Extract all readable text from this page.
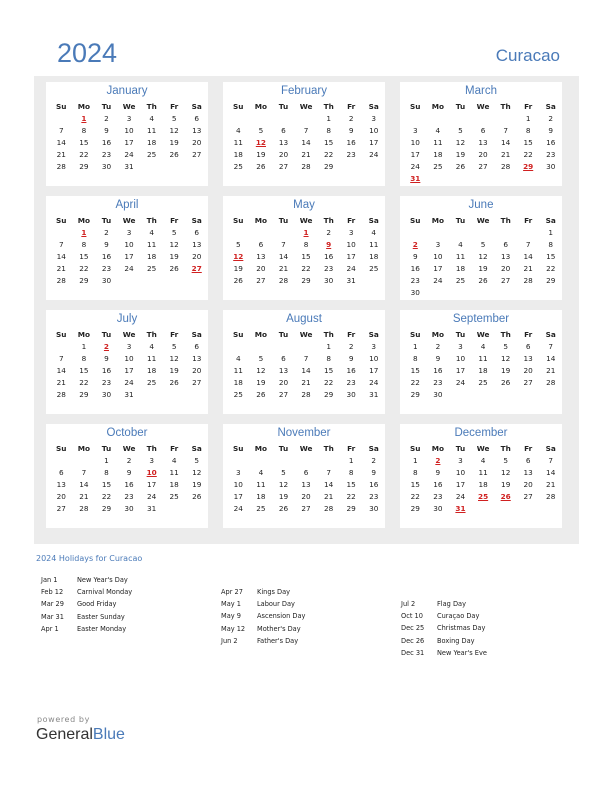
2024	Curacao
January
Su	Mo	Tu	We	Th	Fr	Sa
	1	2	3	4	5	6
7	8	9	10	11	12	13
14	15	16	17	18	19	20
21	22	23	24	25	26	27
28	29	30	31			
February
Su	Mo	Tu	We	Th	Fr	Sa
				1	2	3
4	5	6	7	8	9	10
11	12	13	14	15	16	17
18	19	20	21	22	23	24
25	26	27	28	29		
March
Su	Mo	Tu	We	Th	Fr	Sa
					1	2
3	4	5	6	7	8	9
10	11	12	13	14	15	16
17	18	19	20	21	22	23
24	25	26	27	28	29	30
31						
April
Su	Mo	Tu	We	Th	Fr	Sa
	1	2	3	4	5	6
7	8	9	10	11	12	13
14	15	16	17	18	19	20
21	22	23	24	25	26	27
28	29	30				
May
Su	Mo	Tu	We	Th	Fr	Sa
			1	2	3	4
5	6	7	8	9	10	11
12	13	14	15	16	17	18
19	20	21	22	23	24	25
26	27	28	29	30	31	
June
Su	Mo	Tu	We	Th	Fr	Sa
						1
2	3	4	5	6	7	8
9	10	11	12	13	14	15
16	17	18	19	20	21	22
23	24	25	26	27	28	29
30						
July
Su	Mo	Tu	We	Th	Fr	Sa
	1	2	3	4	5	6
7	8	9	10	11	12	13
14	15	16	17	18	19	20
21	22	23	24	25	26	27
28	29	30	31			
August
Su	Mo	Tu	We	Th	Fr	Sa
				1	2	3
4	5	6	7	8	9	10
11	12	13	14	15	16	17
18	19	20	21	22	23	24
25	26	27	28	29	30	31
September
Su	Mo	Tu	We	Th	Fr	Sa
1	2	3	4	5	6	7
8	9	10	11	12	13	14
15	16	17	18	19	20	21
22	23	24	25	26	27	28
29	30					
October
Su	Mo	Tu	We	Th	Fr	Sa
		1	2	3	4	5
6	7	8	9	10	11	12
13	14	15	16	17	18	19
20	21	22	23	24	25	26
27	28	29	30	31		
November
Su	Mo	Tu	We	Th	Fr	Sa
					1	2
3	4	5	6	7	8	9
10	11	12	13	14	15	16
17	18	19	20	21	22	23
24	25	26	27	28	29	30
December
Su	Mo	Tu	We	Th	Fr	Sa
1	2	3	4	5	6	7
8	9	10	11	12	13	14
15	16	17	18	19	20	21
22	23	24	25	26	27	28
29	30	31				
2024 Holidays for Curacao
Jan 1	New Year's Day
Feb 12 Carnival Monday
Mar 29 Good Friday
Mar 31 Easter Sunday
Apr 1	Easter Monday
Apr 27 Kings Day
May 1 Labour Day
May 9 Ascension Day
May 12 Mother's Day
Jun 2	Father's Day
Jul 2	Flag Day
Oct 10 Curaçao Day
Dec 25 Christmas Day
Dec 26 Boxing Day
Dec 31 New Year's Eve
powered by
GeneralBlue
